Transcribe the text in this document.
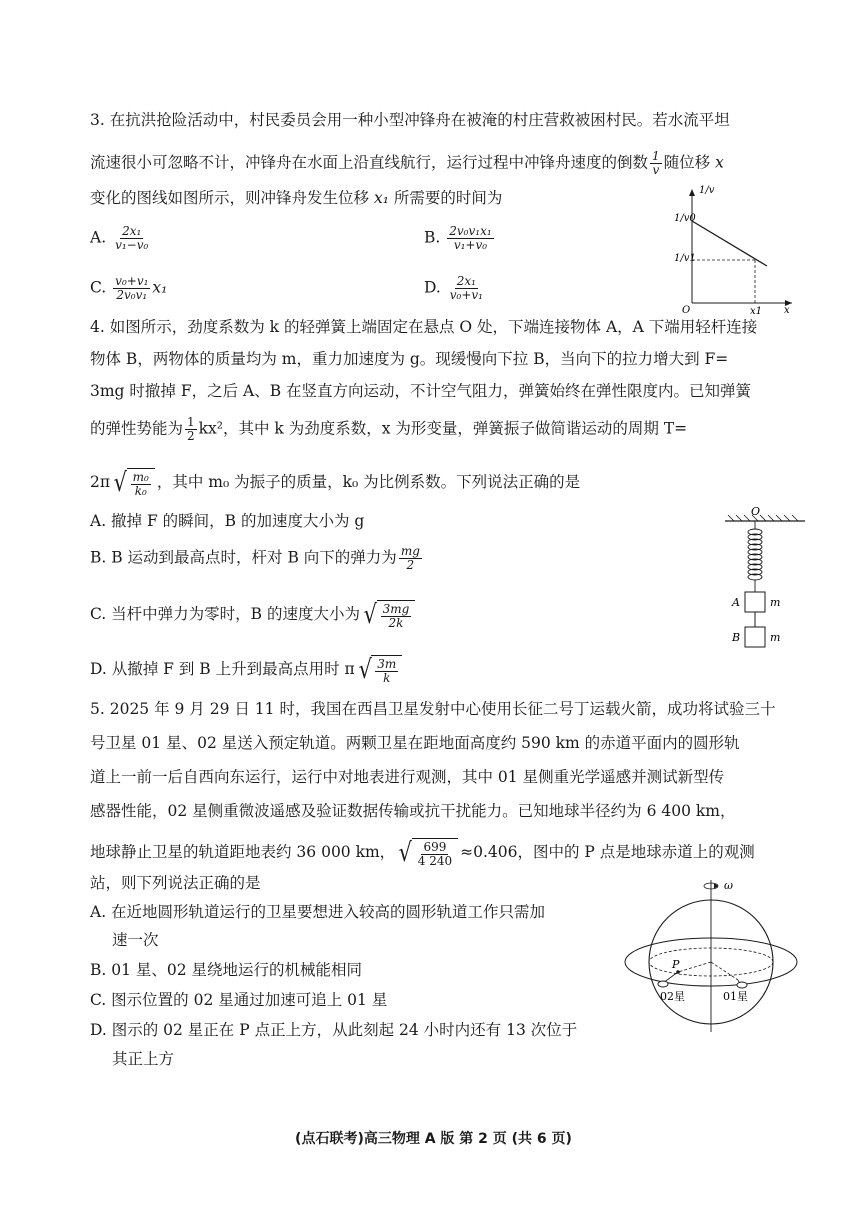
3. 在抗洪抢险活动中，村民委员会用一种小型冲锋舟在被淹的村庄营救被困村民。若水流平坦
流速很小可忽略不计，冲锋舟在水面上沿直线航行，运行过程中冲锋舟速度的倒数 $\frac{1}{v}$ 随位移 x
变化的图线如图所示，则冲锋舟发生位移 x₁ 所需要的时间为
A. $\frac{\text{2x₁}}{\text{v₁−v₀}}$	B. $\frac{\text{2v₀v₁x₁}}{\text{v₁+v₀}}$
C. $\frac{\text{v₀+v₁}}{\text{2v₀v₁}} x_1$	D. $\frac{\text{2x₁}}{\text{v₀+v₁}}$
1/v
1/v0
1/v1
O	x1 x
4. 如图所示，劲度系数为 k 的轻弹簧上端固定在悬点 O 处，下端连接物体 A，A 下端用轻杆连接
物体 B，两物体的质量均为 m，重力加速度为 g。现缓慢向下拉 B，当向下的拉力增大到 F=
3mg 时撤掉 F，之后 A、B 在竖直方向运动，不计空气阻力，弹簧始终在弹性限度内。已知弹簧
的弹性势能为 $\frac{1}{2} kx^2$，其中 k 为劲度系数，x 为形变量，弹簧振子做简谐运动的周期 T=
2π √ $\frac{\text{m₀}}{\text{k₀}}$ ，其中 m₀ 为振子的质量，k₀ 为比例系数。下列说法正确的是
A. 撤掉 F 的瞬间，B 的加速度大小为 g
B. B 运动到最高点时，杆对 B 向下的弹力为 $\frac{mg}{2}$
C. 当杆中弹力为零时，B 的速度大小为 √ $\frac{3mg}{2k}$
D. 从撤掉 F 到 B 上升到最高点用时 π √ $\frac{3m}{k}$
O
A
B
m
m
5. 2025 年 9 月 29 日 11 时，我国在西昌卫星发射中心使用长征二号丁运载火箭，成功将试验三十
号卫星 01 星、02 星送入预定轨道。两颗卫星在距地面高度约 590 km 的赤道平面内的圆形轨
道上一前一后自西向东运行，运行中对地表进行观测，其中 01 星侧重光学遥感并测试新型传
感器性能，02 星侧重微波遥感及验证数据传输或抗干扰能力。已知地球半径约为 6 400 km，
地球静止卫星的轨道距地表约 36 000 km， √ $\frac{699}{4 240} \approx 0.406$，图中的 P 点是地球赤道上的观测
站，则下列说法正确的是
A. 在近地圆形轨道运行的卫星要想进入较高的圆形轨道工作只需加
速一次
B. 01 星、02 星绕地运行的机械能相同
C. 图示位置的 02 星通过加速可追上 01 星
D. 图示的 02 星正在 P 点正上方，从此刻起 24 小时内还有 13 次位于
其正上方
ω
P
02星	01星
(点石联考)高三物理 A 版 第 2 页 (共 6 页)
